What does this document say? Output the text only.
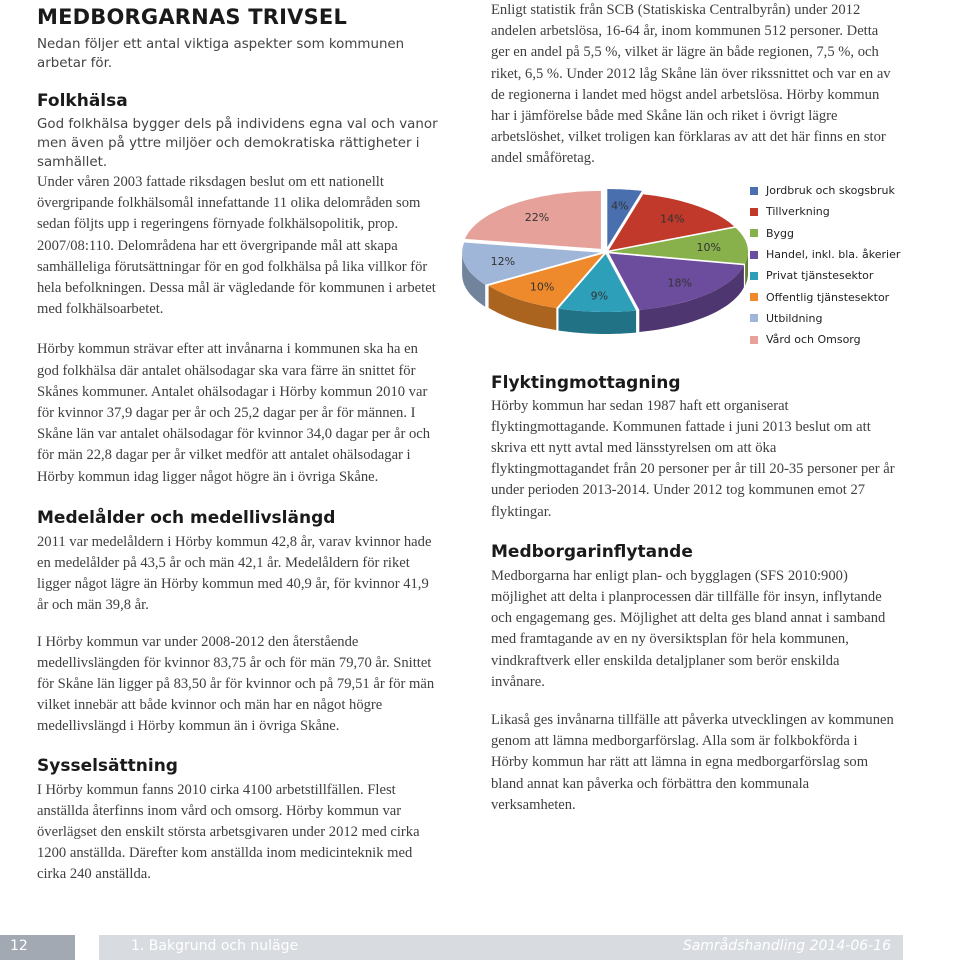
MEDBORGARNAS TRIVSEL
Nedan följer ett antal viktiga aspekter som kommunen arbetar för.
Folkhälsa

God folkhälsa bygger dels på individens egna val och vanor men även på yttre miljöer och demokratiska rättigheter i samhället.

Under våren 2003 fattade riksdagen beslut om ett nationellt övergripande folkhälsomål innefattande 11 olika delområden som sedan följts upp i regeringens förnyade folkhälsopolitik, prop. 2007/08:110. Delområdena har ett övergripande mål att skapa samhälleliga förutsättningar för en god folkhälsa på lika villkor för hela befolkningen. Dessa mål är vägledande för kommunen i arbetet med folkhälsoarbetet.

Hörby kommun strävar efter att invånarna i kommunen ska ha en god folkhälsa där antalet ohälsodagar ska vara färre än snittet för Skånes kommuner. Antalet ohälsodagar i Hörby kommun 2010 var för kvinnor 37,9 dagar per år och 25,2 dagar per år för männen. I Skåne län var antalet ohälsodagar för kvinnor 34,0 dagar per år och för män 22,8 dagar per år vilket medför att antalet ohälsodagar i Hörby kommun idag ligger något högre än i övriga Skåne.

Medelålder och medellivslängd

2011 var medelåldern i Hörby kommun 42,8 år, varav kvinnor hade en medelålder på 43,5 år och män 42,1 år. Medelåldern för riket ligger något lägre än Hörby kommun med 40,9 år, för kvinnor 41,9 år och män 39,8 år.

I Hörby kommun var under 2008-2012 den återstående medellivslängden för kvinnor 83,75 år och för män 79,70 år. Snittet för Skåne län ligger på 83,50 år för kvinnor och på 79,51 år för män vilket innebär att både kvinnor och män har en något högre medellivslängd i Hörby kommun än i övriga Skåne.

Sysselsättning

I Hörby kommun fanns 2010 cirka 4100 arbetstillfällen. Flest anställda återfinns inom vård och omsorg. Hörby kommun var överlägset den enskilt största arbetsgivaren under 2012 med cirka 1200 anställda. Därefter kom anställda inom medicinteknik med cirka 240 anställda.

Enligt statistik från SCB (Statiskiska Centralbyrån) under 2012 andelen arbetslösa, 16-64 år, inom kommunen 512 personer. Detta ger en andel på 5,5 %, vilket är lägre än både regionen, 7,5 %, och riket, 6,5 %. Under 2012 låg Skåne län över rikssnittet och var en av de regionerna i landet med högst andel arbetslösa. Hörby kommun har i jämförelse både med Skåne län och riket i övrigt lägre arbetslöshet, vilket troligen kan förklaras av att det här finns en stor andel småföretag.

Flyktingmottagning

Hörby kommun har sedan 1987 haft ett organiserat flyktingmottagande. Kommunen fattade i juni 2013 beslut om att skriva ett nytt avtal med länsstyrelsen om att öka flyktingmottagandet från 20 personer per år till 20-35 personer per år under perioden 2013-2014. Under 2012 tog kommunen emot 27 flyktingar.

Medborgarinflytande

Medborgarna har enligt plan- och bygglagen (SFS 2010:900) möjlighet att delta i planprocessen där tillfälle för insyn, inflytande och engagemang ges. Möjlighet att delta ges bland annat i samband med framtagande av en ny översiktsplan för hela kommunen, vindkraftverk eller enskilda detaljplaner som berör enskilda invånare.

Likaså ges invånarna tillfälle att påverka utvecklingen av kommunen genom att lämna medborgarförslag. Alla som är folkbokförda i Hörby kommun har rätt att lämna in egna medborgarförslag som bland annat kan påverka och förbättra den kommunala verksamheten.

4%
14%
10%
18%
9%
10%
12%
22%
Jordbruk och skogsbruk
Tillverkning
Bygg
Handel, inkl. bla. åkerier
Privat tjänstesektor
Offentlig tjänstesektor
Utbildning
Vård och Omsorg
12	1. Bakgrund och nuläge	Samrådshandling 2014-06-16
